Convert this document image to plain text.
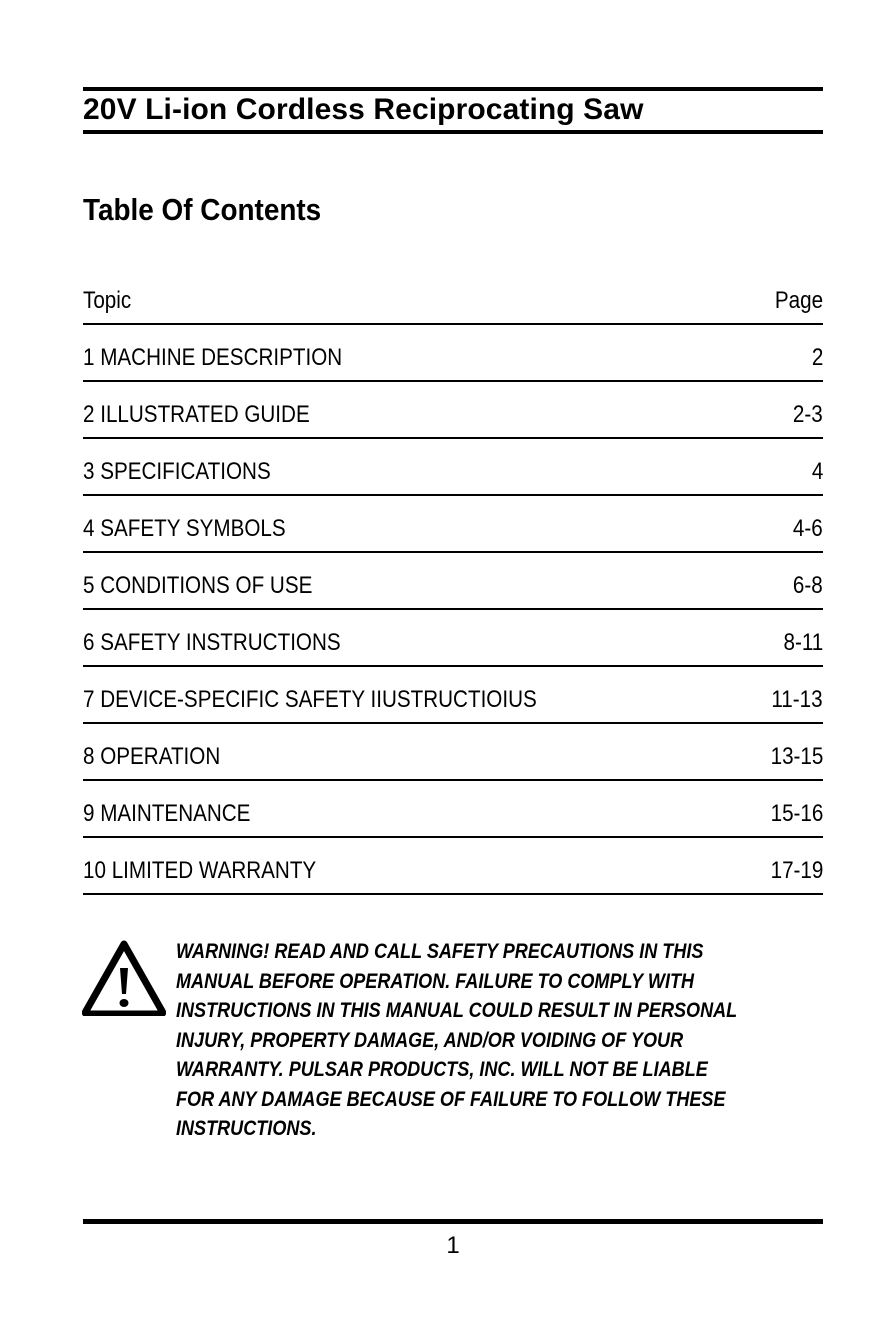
20V Li-ion Cordless Reciprocating Saw
Table Of Contents
Topic	Page
1 MACHINE DESCRIPTION	2
2 ILLUSTRATED GUIDE	2-3
3 SPECIFICATIONS	4
4 SAFETY SYMBOLS	4-6
5 CONDITIONS OF USE	6-8
6 SAFETY INSTRUCTIONS	8-11
7 DEVICE-SPECIFIC SAFETY IIUSTRUCTIOIUS	11-13
8 OPERATION	13-15
9 MAINTENANCE	15-16
10 LIMITED WARRANTY	17-19
WARNING! READ AND CALL SAFETY PRECAUTIONS IN THIS MANUAL BEFORE OPERATION. FAILURE TO COMPLY WITH INSTRUCTIONS IN THIS MANUAL COULD RESULT IN PERSONAL INJURY, PROPERTY DAMAGE, AND/OR VOIDING OF YOUR WARRANTY. PULSAR PRODUCTS, INC. WILL NOT BE LIABLE FOR ANY DAMAGE BECAUSE OF FAILURE TO FOLLOW THESE INSTRUCTIONS.
1
